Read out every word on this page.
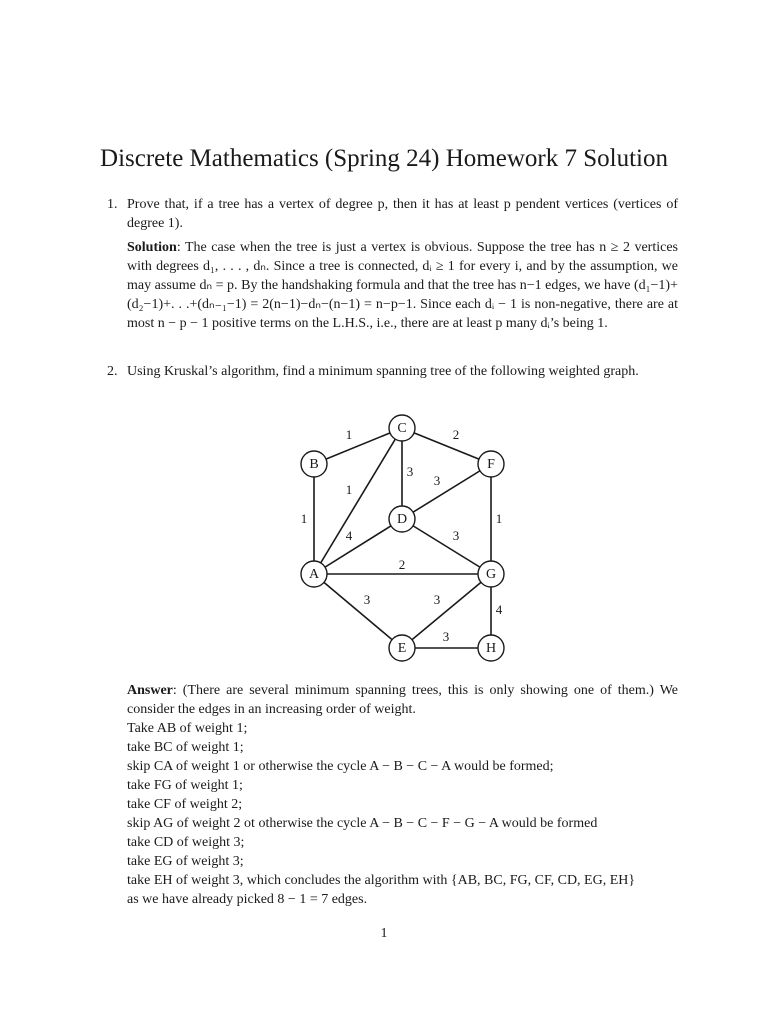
Discrete Mathematics (Spring 24) Homework 7 Solution
1. Prove that, if a tree has a vertex of degree p, then it has at least p pendent vertices (vertices of degree 1).
Solution: The case when the tree is just a vertex is obvious. Suppose the tree has n ≥ 2 vertices with degrees d₁, . . . , dₙ. Since a tree is connected, dᵢ ≥ 1 for every i, and by the assumption, we may assume dₙ = p. By the handshaking formula and that the tree has n−1 edges, we have (d₁−1)+(d₂−1)+. . .+(dₙ₋₁−1) = 2(n−1)−dₙ−(n−1) = n−p−1. Since each dᵢ − 1 is non-negative, there are at most n − p − 1 positive terms on the L.H.S., i.e., there are at least p many dᵢ’s being 1.
2. Using Kruskal’s algorithm, find a minimum spanning tree of the following weighted graph.
1	2
3
3
1
1	1
4	3
2
3	3
4
3
A
B
C
D
E
F
G
H
Answer: (There are several minimum spanning trees, this is only showing one of them.) We consider the edges in an increasing order of weight.
Take AB of weight 1;
take BC of weight 1;
skip CA of weight 1 or otherwise the cycle A − B − C − A would be formed;
take FG of weight 1;
take CF of weight 2;
skip AG of weight 2 ot otherwise the cycle A − B − C − F − G − A would be formed
take CD of weight 3;
take EG of weight 3;
take EH of weight 3, which concludes the algorithm with {AB, BC, FG, CF, CD, EG, EH}
as we have already picked 8 − 1 = 7 edges.
1
